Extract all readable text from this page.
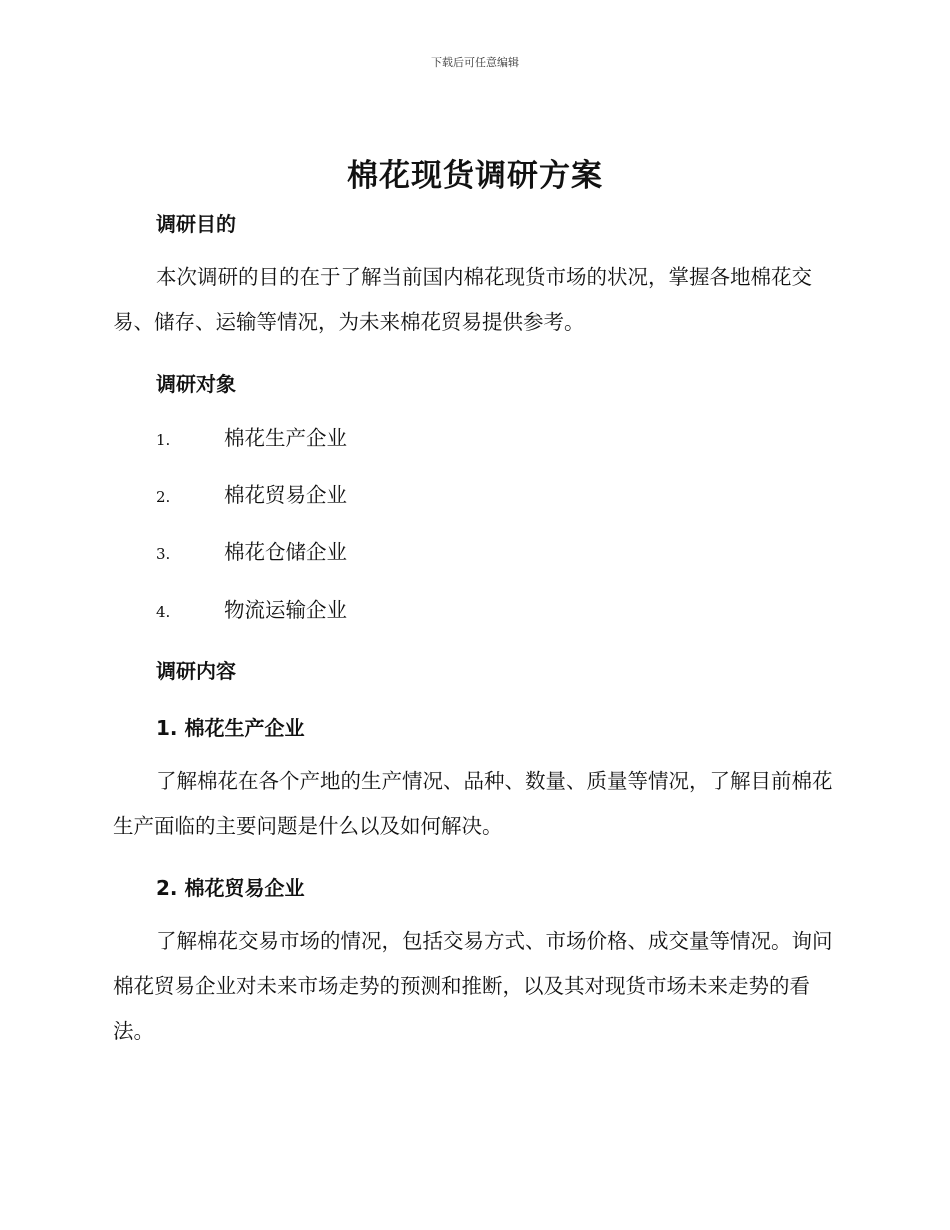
下载后可任意编辑
棉花现货调研方案
调研目的

本次调研的目的在于了解当前国内棉花现货市场的状况，掌握各地棉花交易、储存、运输等情况，为未来棉花贸易提供参考。

调研对象
1.	棉花生产企业
2.	棉花贸易企业
3.	棉花仓储企业
4.	物流运输企业
调研内容
1. 棉花生产企业

了解棉花在各个产地的生产情况、品种、数量、质量等情况，了解目前棉花生产面临的主要问题是什么以及如何解决。

2. 棉花贸易企业

了解棉花交易市场的情况，包括交易方式、市场价格、成交量等情况。询问棉花贸易企业对未来市场走势的预测和推断，以及其对现货市场未来走势的看法。
